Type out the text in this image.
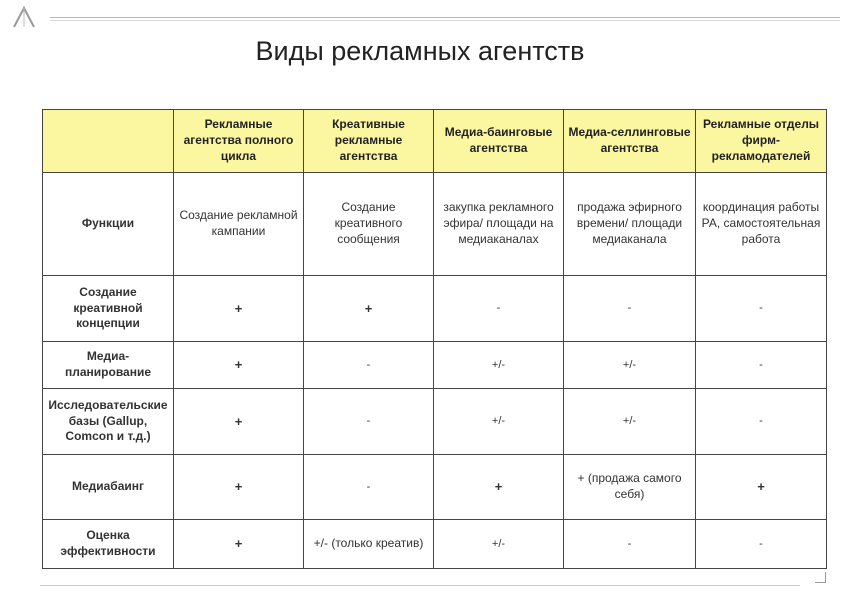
Виды рекламных агентств
	Рекламные агентства полного цикла	Креативные рекламные агентства	Медиа-баинговые агентства	Медиа-селлинговые агентства	Рекламные отделы фирм-рекламодателей
Функции	Создание рекламной кампании	Создание креативного сообщения	закупка рекламного эфира/ площади на медиаканалах	продажа эфирного времени/ площади медиаканала	координация работы РА, самостоятельная работа
Создание креативной концепции	+	+	-	-	-
Медиа-планирование	+	-	+/-	+/-	-
Исследовательские базы (Gallup, Comcon и т.д.)	+	-	+/-	+/-	-
Медиабаинг	+	-	+	+ (продажа самого себя)	+
Оценка эффективности	+	+/- (только креатив)	+/-	-	-
